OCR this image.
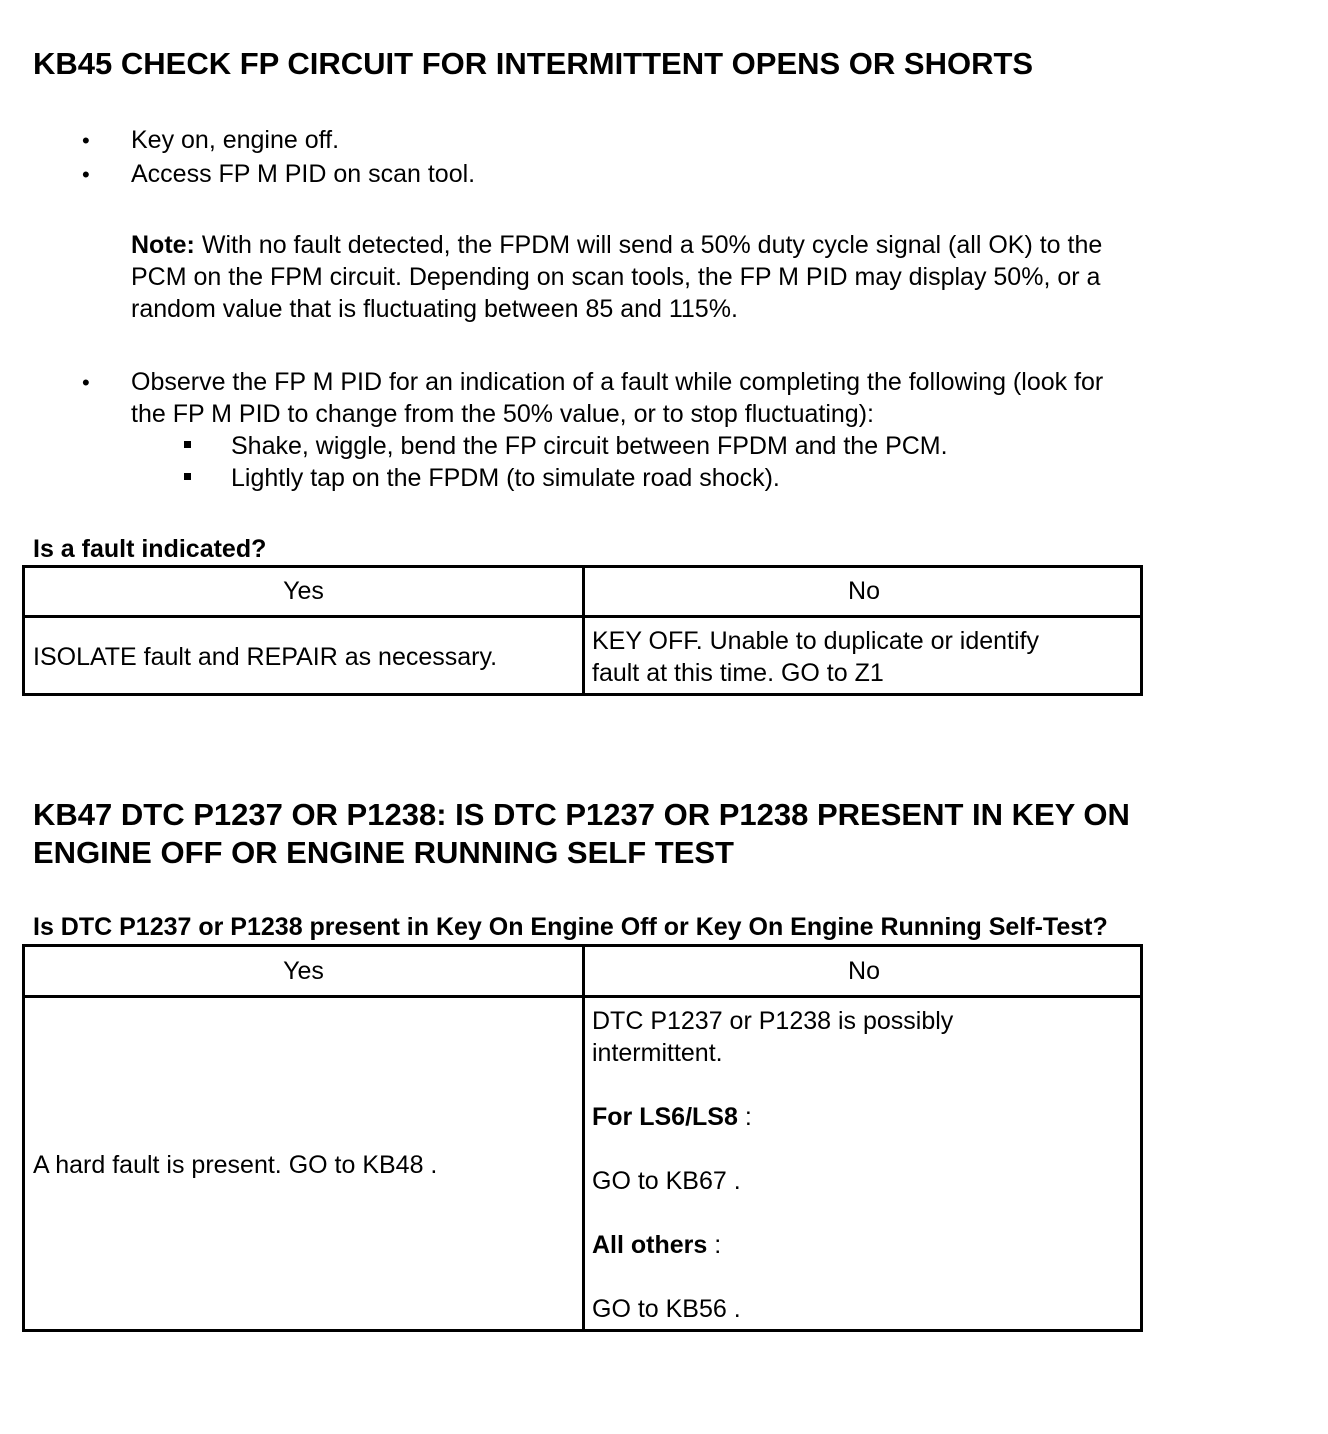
KB45 CHECK FP CIRCUIT FOR INTERMITTENT OPENS OR SHORTS
• Key on, engine off.

• Access FP M PID on scan tool.

Note: With no fault detected, the FPDM will send a 50% duty cycle signal (all OK) to the

PCM on the FPM circuit. Depending on scan tools, the FP M PID may display 50%, or a

random value that is fluctuating between 85 and 115%.

• Observe the FP M PID for an indication of a fault while completing the following (look for

the FP M PID to change from the 50% value, or to stop fluctuating):

Shake, wiggle, bend the FP circuit between FPDM and the PCM.

Lightly tap on the FPDM (to simulate road shock).

Is a fault indicated?

Yes	No
ISOLATE fault and REPAIR as necessary.
KEY OFF. Unable to duplicate or identify
fault at this time. GO to Z1
KB47 DTC P1237 OR P1238: IS DTC P1237 OR P1238 PRESENT IN KEY ON
ENGINE OFF OR ENGINE RUNNING SELF TEST

Is DTC P1237 or P1238 present in Key On Engine Off or Key On Engine Running Self-Test?

Yes	No
A hard fault is present. GO to KB48 .
DTC P1237 or P1238 is possibly
intermittent.
For LS6/LS8 :
GO to KB67 .
All others :
GO to KB56 .
